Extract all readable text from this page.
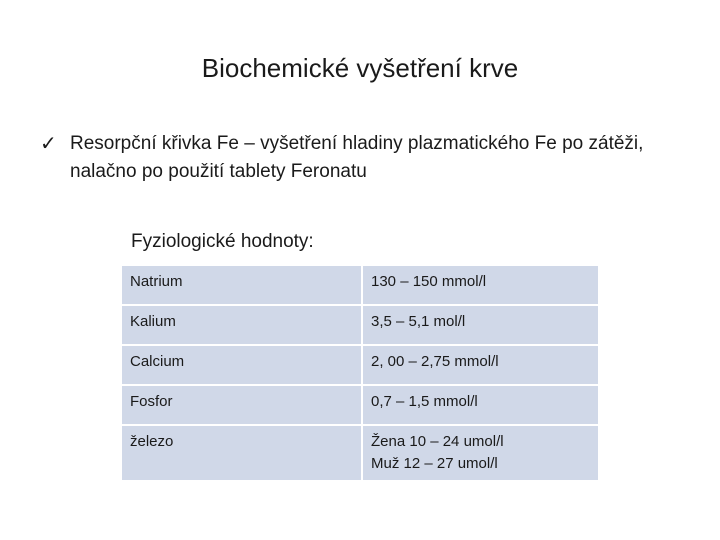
Biochemické vyšetření krve
✓ Resorpční křivka Fe – vyšetření hladiny plazmatického Fe po zátěži, nalačno po použití tablety Feronatu
Fyziologické hodnoty:
Natrium	130 – 150 mmol/l
Kalium	3,5 – 5,1 mol/l
Calcium	2, 00 – 2,75 mmol/l
Fosfor	0,7 – 1,5 mmol/l
železo	Žena 10 – 24 umol/l
Muž 12 – 27 umol/l
